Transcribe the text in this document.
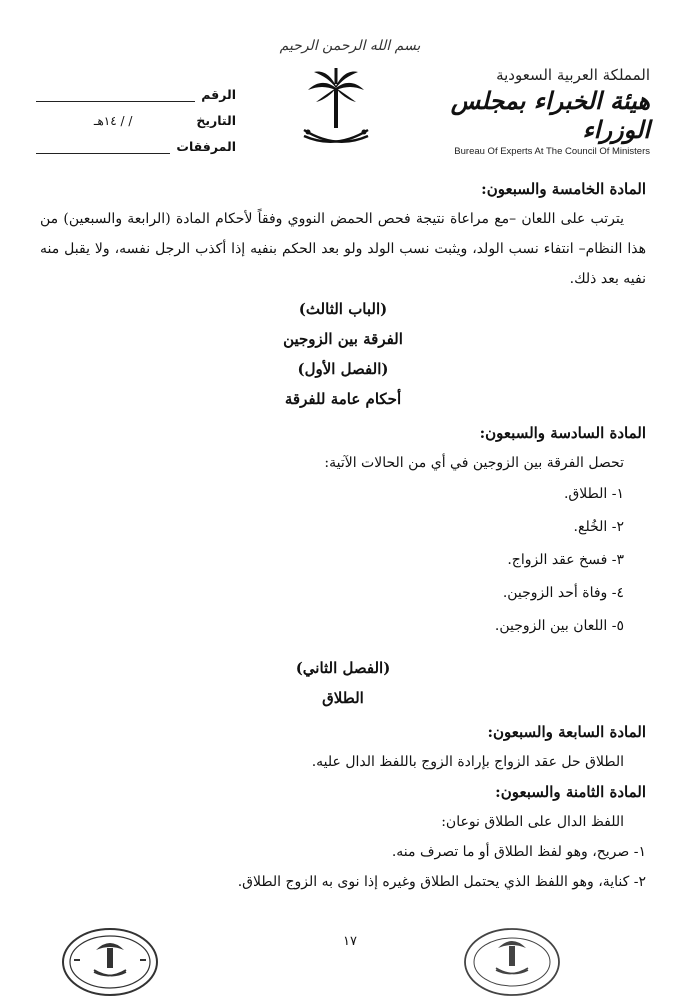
بسم الله الرحمن الرحيم
الرقم
التاريخ
/ / ١٤هـ
المرفقات
المملكة العربية السعودية
هيئة الخبراء بمجلس الوزراء
Bureau Of Experts At The Council Of Ministers
المادة الخامسة والسبعون:
يترتب على اللعان –مع مراعاة نتيجة فحص الحمض النووي وفقاً لأحكام المادة (الرابعة والسبعين) من هذا النظام– انتفاء نسب الولد، ويثبت نسب الولد ولو بعد الحكم بنفيه إذا أكذب الرجل نفسه، ولا يقبل منه نفيه بعد ذلك.
(الباب الثالث)
الفرقة بين الزوجين
(الفصل الأول)
أحكام عامة للفرقة
المادة السادسة والسبعون:
تحصل الفرقة بين الزوجين في أي من الحالات الآتية:
١- الطلاق.
٢- الخُلع.
٣- فسخ عقد الزواج.
٤- وفاة أحد الزوجين.
٥- اللعان بين الزوجين.
(الفصل الثاني)
الطلاق
المادة السابعة والسبعون:
الطلاق حل عقد الزواج بإرادة الزوج باللفظ الدال عليه.
المادة الثامنة والسبعون:
اللفظ الدال على الطلاق نوعان:
١- صريح، وهو لفظ الطلاق أو ما تصرف منه.
٢- كناية، وهو اللفظ الذي يحتمل الطلاق وغيره إذا نوى به الزوج الطلاق.
١٧
